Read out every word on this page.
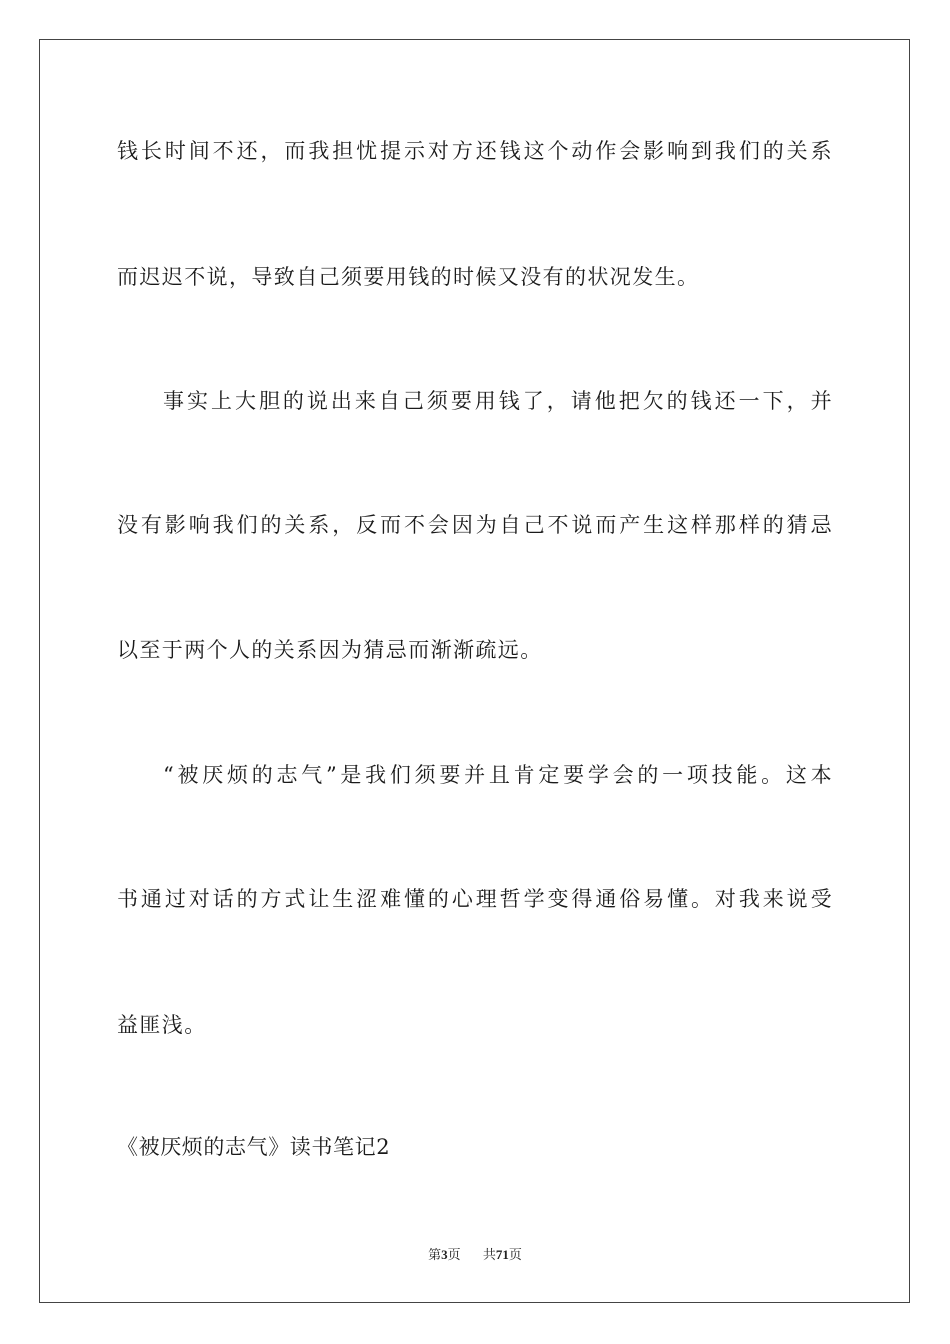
钱长时间不还，而我担忧提示对方还钱这个动作会影响到我们的关系
而迟迟不说，导致自己须要用钱的时候又没有的状况发生。
事实上大胆的说出来自己须要用钱了，请他把欠的钱还一下，并
没有影响我们的关系，反而不会因为自己不说而产生这样那样的猜忌
以至于两个人的关系因为猜忌而渐渐疏远。
“被厌烦的志气”是我们须要并且肯定要学会的一项技能。这本
书通过对话的方式让生涩难懂的心理哲学变得通俗易懂。对我来说受
益匪浅。
《被厌烦的志气》读书笔记2
第3页 共71页
